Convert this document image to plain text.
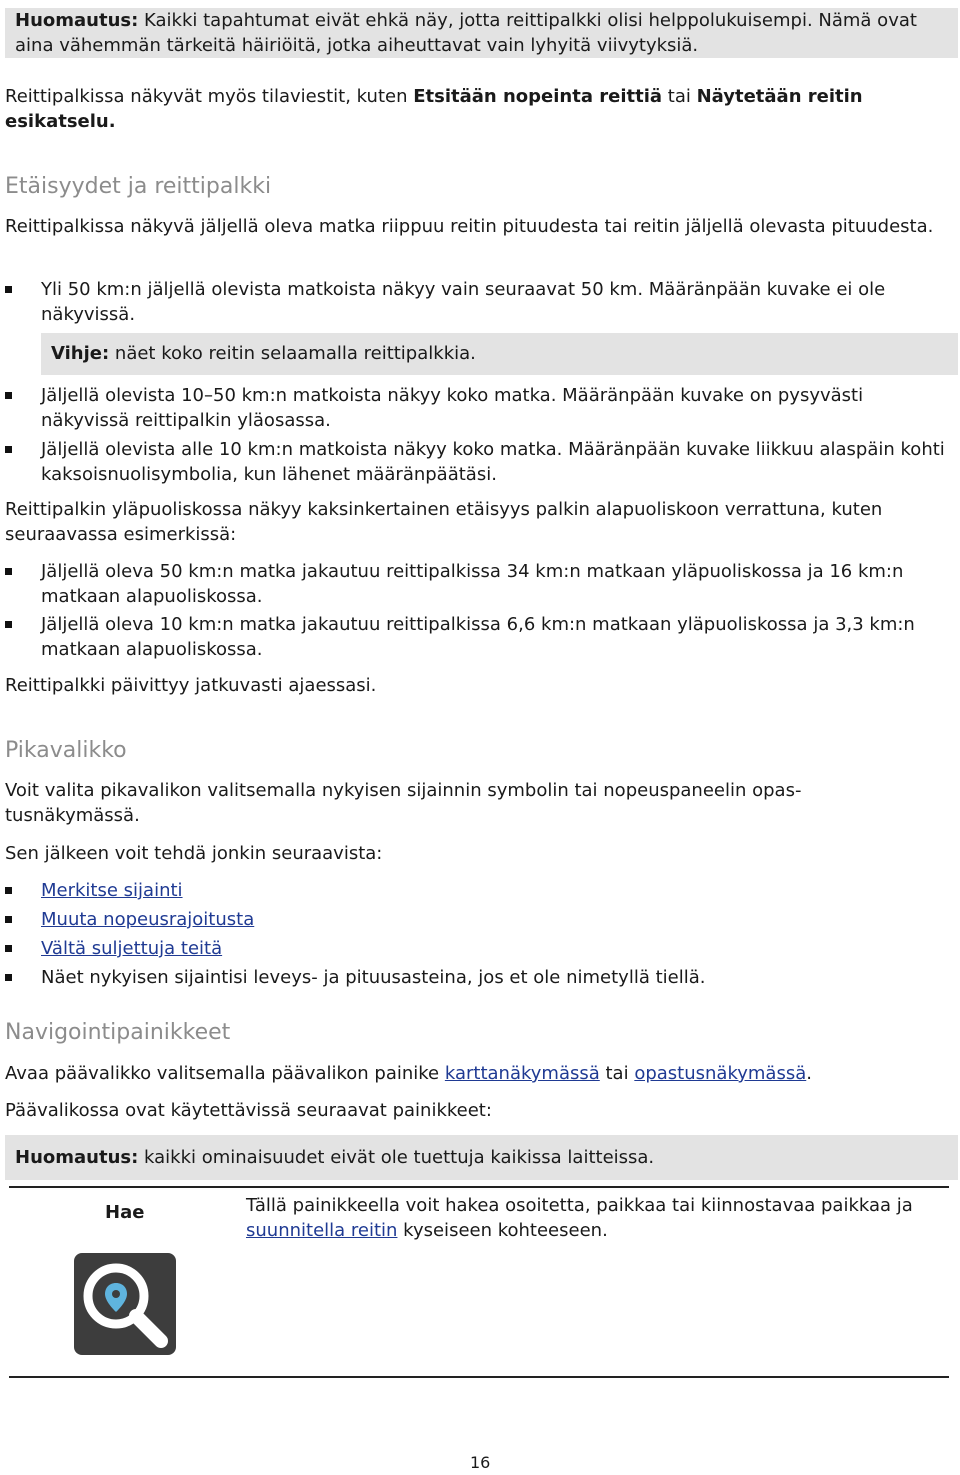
Huomautus: Kaikki tapahtumat eivät ehkä näy, jotta reittipalkki olisi helppolukuisempi. Nämä ovat aina vähemmän tärkeitä häiriöitä, jotka aiheuttavat vain lyhyitä viivytyksiä.

Reittipalkissa näkyvät myös tilaviestit, kuten Etsitään nopeinta reittiä tai Näytetään reitin esikatselu.

Etäisyydet ja reittipalkki

Reittipalkissa näkyvä jäljellä oleva matka riippuu reitin pituudesta tai reitin jäljellä olevasta pituudesta.

Yli 50 km:n jäljellä olevista matkoista näkyy vain seuraavat 50 km. Määränpään kuvake ei ole näkyvissä.
Vihje: näet koko reitin selaamalla reittipalkkia.
Jäljellä olevista 10–50 km:n matkoista näkyy koko matka. Määränpään kuvake on pysyvästi näkyvissä reittipalkin yläosassa.
Jäljellä olevista alle 10 km:n matkoista näkyy koko matka. Määränpään kuvake liikkuu alaspäin kohti kaksoisnuolisymbolia, kun lähenet määränpäätäsi.

Reittipalkin yläpuoliskossa näkyy kaksinkertainen etäisyys palkin alapuoliskoon verrattuna, kuten seuraavassa esimerkissä:

Jäljellä oleva 50 km:n matka jakautuu reittipalkissa 34 km:n matkaan yläpuoliskossa ja 16 km:n matkaan alapuoliskossa.
Jäljellä oleva 10 km:n matka jakautuu reittipalkissa 6,6 km:n matkaan yläpuoliskossa ja 3,3 km:n matkaan alapuoliskossa.

Reittipalkki päivittyy jatkuvasti ajaessasi.

Pikavalikko

Voit valita pikavalikon valitsemalla nykyisen sijainnin symbolin tai nopeuspaneelin opas-tusnäkymässä.

Sen jälkeen voit tehdä jonkin seuraavista:

Merkitse sijainti
Muuta nopeusrajoitusta
Vältä suljettuja teitä
Näet nykyisen sijaintisi leveys- ja pituusasteina, jos et ole nimetyllä tiellä.
Navigointipainikkeet

Avaa päävalikko valitsemalla päävalikon painike karttanäkymässä tai opastusnäkymässä.

Päävalikossa ovat käytettävissä seuraavat painikkeet:

Huomautus: kaikki ominaisuudet eivät ole tuettuja kaikissa laitteissa.
Hae	Tällä painikkeella voit hakea osoitetta, paikkaa tai kiinnostavaa paikkaa ja suunnitella reitin kyseiseen kohteeseen.
16
